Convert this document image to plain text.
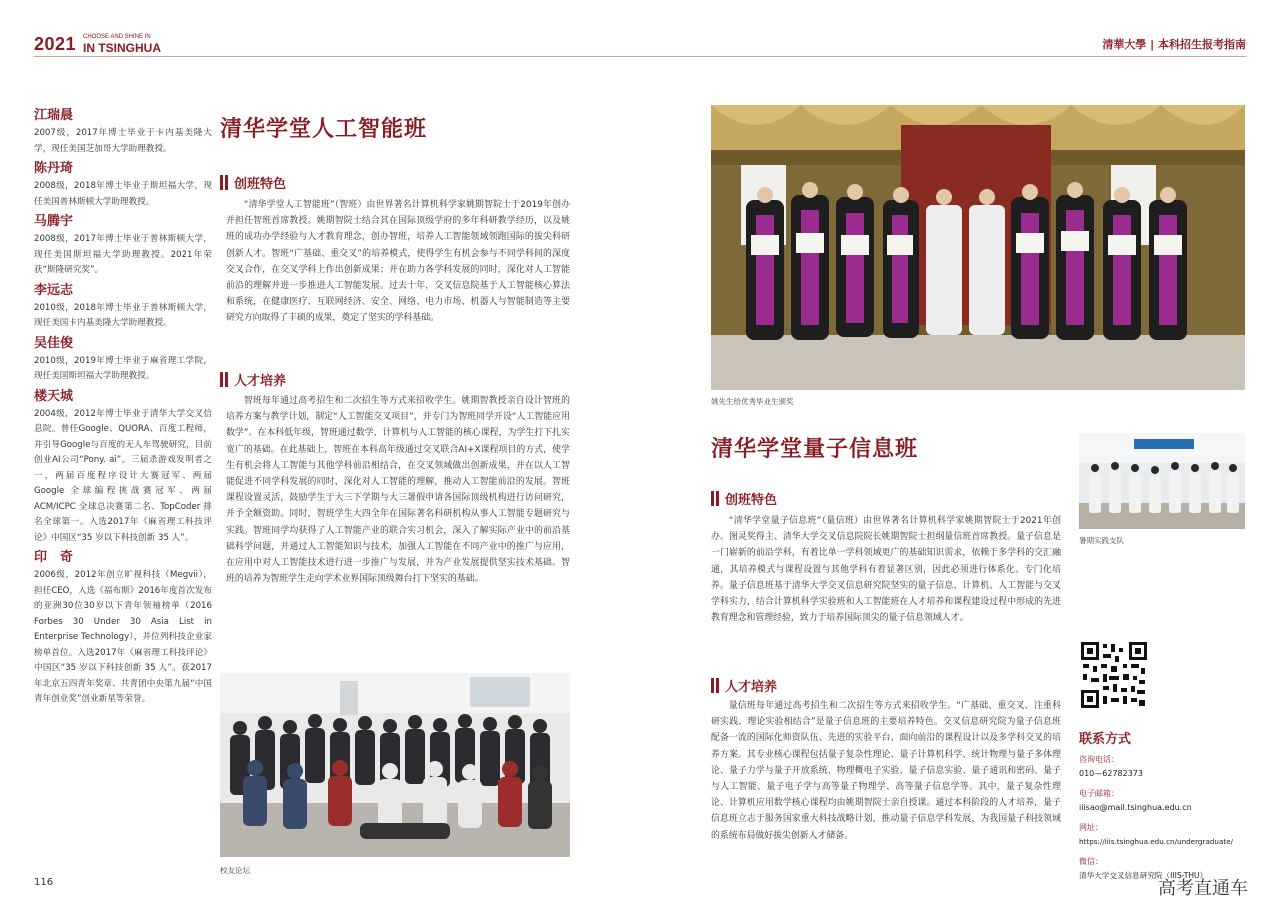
2021 CHOOSE AND SHINE IN
IN TSINGHUA	清華大學 | 本科招生报考指南
江瑞晨
2007级，2017年博士毕业于卡内基美隆大学，现任美国芝加哥大学助理教授。
陈丹琦
2008级，2018年博士毕业于斯坦福大学，现任美国普林斯顿大学助理教授。
马腾宇
2008级，2017年博士毕业于普林斯顿大学，现任美国斯坦福大学助理教授。2021年荣获“斯隆研究奖”。
李远志
2010级，2018年博士毕业于普林斯顿大学，现任美国卡内基美隆大学助理教授。
吴佳俊
2010级，2019年博士毕业于麻省理工学院，现任美国斯坦福大学助理教授。
楼天城
2004级，2012年博士毕业于清华大学交叉信息院。曾任Google、QUORA、百度工程师，并引导Google与百度的无人车驾驶研究，目前创业AI公司“Pony. ai”。三届杀游戏发明者之一，两届百度程序设计大赛冠军、两届 Google 全球编程挑战赛冠军、两届 ACM/ICPC 全球总决赛第二名、TopCoder 排名全球第一。入选2017年《麻省理工科技评论》中国区“35 岁以下科技创新 35 人”。
印　奇
2006级，2012年创立旷视科技（Megvii），担任CEO，入选《福布斯》2016年度首次发布的亚洲30位30岁以下青年领袖榜单（2016 Forbes 30 Under 30 Asia List in Enterprise Technology），并位列科技企业家榜单首位。入选2017年《麻省理工科技评论》中国区“35 岁以下科技创新 35 人”。获2017年北京五四青年奖章、共青团中央第九届“中国青年创业奖”创业新星等荣誉。
清华学堂人工智能班
创班特色

“清华学堂人工智能班”（智班）由世界著名计算机科学家姚期智院士于2019年创办并担任智班首席教授。姚期智院士结合其在国际顶级学府的多年科研教学经历，以及姚班的成功办学经验与人才教育理念，创办智班，培养人工智能领域领跑国际的拔尖科研创新人才。智班“广基础、重交叉”的培养模式，使得学生有机会参与不同学科间的深度交叉合作，在交叉学科上作出创新成果；并在助力各学科发展的同时，深化对人工智能前沿的理解并进一步推进人工智能发展。过去十年，交叉信息院基于人工智能核心算法和系统，在健康医疗、互联网经济、安全、网络、电力市场、机器人与智能制造等主要研究方向取得了丰硕的成果，奠定了坚实的学科基础。

人才培养

智班每年通过高考招生和二次招生等方式来招收学生。姚期智教授亲自设计智班的培养方案与教学计划，制定“人工智能交叉项目”，并专门为智班同学开设“人工智能应用数学”。在本科低年级，智班通过数学、计算机与人工智能的核心课程，为学生打下扎实宽广的基础。在此基础上，智班在本科高年级通过交叉联合AI+X课程项目的方式，使学生有机会将人工智能与其他学科前沿相结合，在交叉领域做出创新成果，并在以人工智能促进不同学科发展的同时，深化对人工智能的理解，推动人工智能前沿的发展。智班课程设置灵活，鼓励学生于大三下学期与大三暑假申请各国际顶级机构进行访问研究，并予全额资助。同时，智班学生大四全年在国际著名科研机构从事人工智能专题研究与实践。智班同学均获得了人工智能产业的联合实习机会，深入了解实际产业中的前沿基础科学问题，并通过人工智能知识与技术，加强人工智能在不同产业中的推广与应用，在应用中对人工智能技术进行进一步推广与发展，并为产业发展提供坚实技术基础。智班的培养为智班学生走向学术业界国际顶级舞台打下坚实的基础。

校友论坛
116
姚先生给优秀毕业生颁奖
清华学堂量子信息班
创班特色

“清华学堂量子信息班”（量信班）由世界著名计算机科学家姚期智院士于2021年创办。图灵奖得主、清华大学交叉信息院院长姚期智院士担纲量信班首席教授。量子信息是一门崭新的前沿学科，有着比单一学科领域更广的基础知识需求，依赖于多学科的交汇融通，其培养模式与课程设置与其他学科有着显著区别，因此必须进行体系化、专门化培养。量子信息班基于清华大学交叉信息研究院坚实的量子信息、计算机、人工智能与交叉学科实力，结合计算机科学实验班和人工智能班在人才培养和课程建设过程中形成的先进教育理念和管理经验，致力于培养国际顶尖的量子信息领域人才。

人才培养

量信班每年通过高考招生和二次招生等方式来招收学生。“广基础、重交叉、注重科研实践、理论实验相结合”是量子信息班的主要培养特色。交叉信息研究院为量子信息班配备一流的国际化师资队伍、先进的实验平台、面向前沿的课程设计以及多学科交叉的培养方案。其专业核心课程包括量子复杂性理论、量子计算机科学、统计物理与量子多体理论、量子力学与量子开放系统、物理概电子实验、量子信息实验、量子通讯和密码、量子与人工智能、量子电子学与高等量子物理学、高等量子信息学等。其中，量子复杂性理论、计算机应用数学核心课程均由姚期智院士亲自授课。通过本科阶段的人才培养，量子信息班立志于服务国家重大科技战略计划，推动量子信息学科发展，为我国量子科技领域的系统布局做好拔尖创新人才储备。

暑期实践支队
联系方式
咨询电话：
010—62782373
电子邮箱：
iiisao@mail.tsinghua.edu.cn
网址：
https://iiis.tsinghua.edu.cn/undergraduate/
微信：
清华大学交叉信息研究院（IIIS-THU）
高考直通车
